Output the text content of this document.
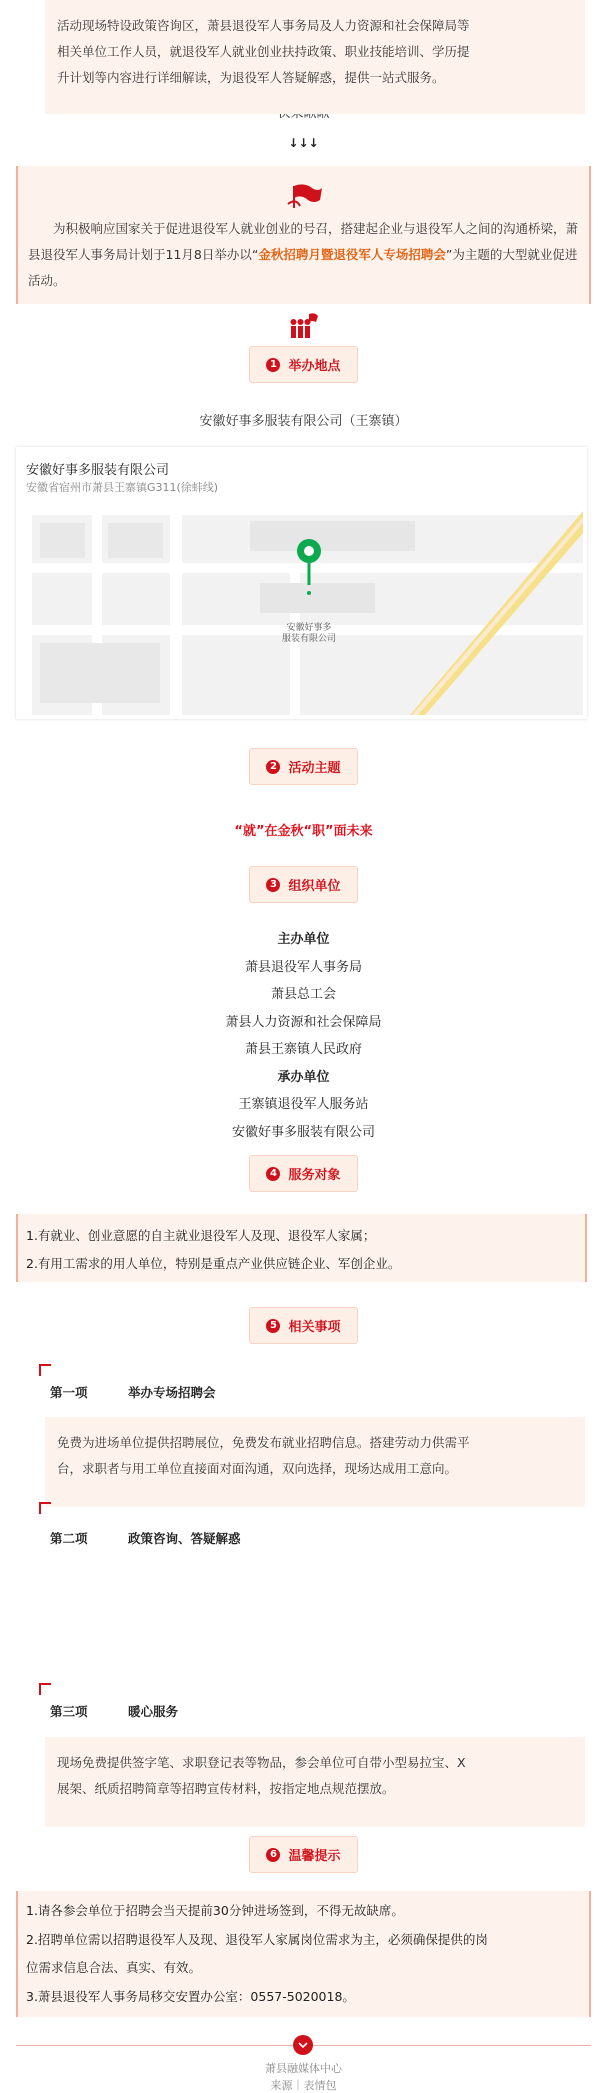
↓↓↓
为积极响应国家关于促进退役军人就业创业的号召，搭建起企业与退役军人之间的沟通桥梁，萧县退役军人事务局计划于11月8日举办以“金秋招聘月暨退役军人专场招聘会”为主题的大型就业促进活动。
1 举办地点
安徽好事多服装有限公司（王寨镇）
安徽好事多服装有限公司
安徽省宿州市萧县王寨镇G311(徐蚌线)
安徽好事多
服装有限公司
2 活动主题
“就”在金秋“职”面未来
3 组织单位
主办单位
萧县退役军人事务局
萧县总工会
萧县人力资源和社会保障局
萧县王寨镇人民政府
承办单位
王寨镇退役军人服务站
安徽好事多服装有限公司
4 服务对象
1.有就业、创业意愿的自主就业退役军人及现、退役军人家属；
2.有用工需求的用人单位，特别是重点产业供应链企业、军创企业。
5 相关事项
第一项	举办专场招聘会
免费为进场单位提供招聘展位，免费发布就业招聘信息。搭建劳动力供需平
台，求职者与用工单位直接面对面沟通，双向选择，现场达成用工意向。
第二项	政策咨询、答疑解惑
活动现场特设政策咨询区，萧县退役军人事务局及人力资源和社会保障局等
相关单位工作人员，就退役军人就业创业扶持政策、职业技能培训、学历提
升计划等内容进行详细解读，为退役军人答疑解惑，提供一站式服务。
第三项	暖心服务
现场免费提供签字笔、求职登记表等物品，参会单位可自带小型易拉宝、X
展架、纸质招聘简章等招聘宣传材料，按指定地点规范摆放。
6 温馨提示
1.请各参会单位于招聘会当天提前30分钟进场签到，不得无故缺席。
2.招聘单位需以招聘退役军人及现、退役军人家属岗位需求为主，必须确保提供的岗
位需求信息合法、真实、有效。
3.萧县退役军人事务局移交安置办公室：0557-5020018。
萧县融媒体中心
来源｜表情包
